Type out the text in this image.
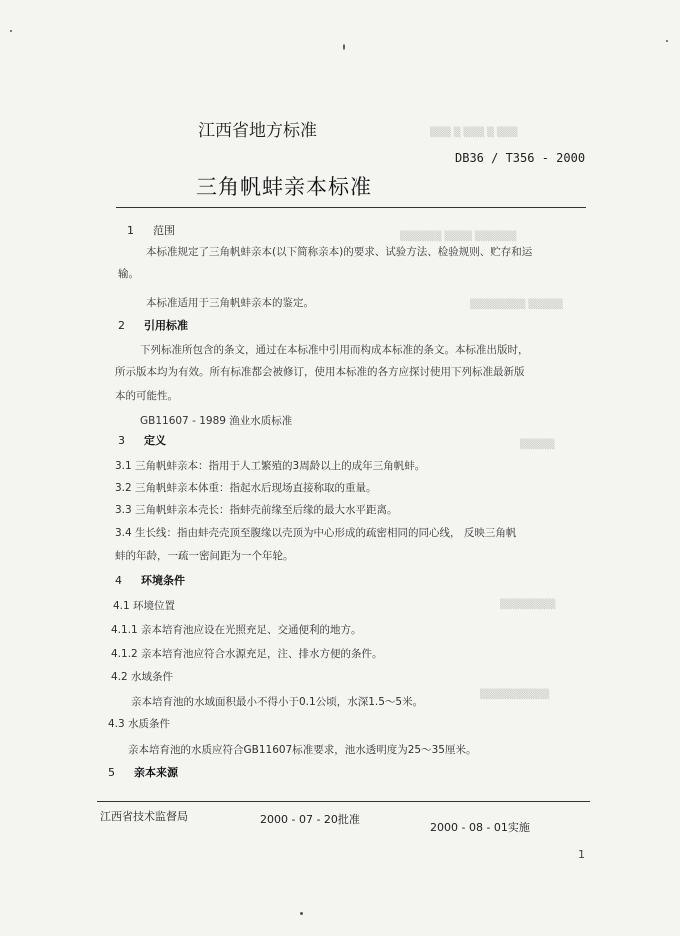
▒▒▒ ▒ ▒▒▒ ▒ ▒▒▒
▒▒▒▒▒▒ ▒▒▒▒ ▒▒▒▒▒▒
▒▒▒▒▒▒▒▒ ▒▒▒▒▒
▒▒▒▒▒
▒▒▒▒▒▒▒▒
▒▒▒▒▒▒▒▒▒▒
江西省地方标准
DB36 / T356 - 2000
三角帆蚌亲本标准
1 范围
本标准规定了三角帆蚌亲本(以下简称亲本)的要求、试验方法、检验规则、贮存和运
输。
本标准适用于三角帆蚌亲本的鉴定。
2 引用标准
下列标准所包含的条文，通过在本标准中引用而构成本标准的条文。本标准出版时，
所示版本均为有效。所有标准都会被修订，使用本标准的各方应探讨使用下列标准最新版
本的可能性。
GB11607 - 1989 渔业水质标准
3 定义
3.1 三角帆蚌亲本：指用于人工繁殖的3周龄以上的成年三角帆蚌。
3.2 三角帆蚌亲本体重：指起水后现场直接称取的重量。
3.3 三角帆蚌亲本壳长：指蚌壳前缘至后缘的最大水平距离。
3.4 生长线：指由蚌壳壳顶至腹缘以壳顶为中心形成的疏密相同的同心线， 反映三角帆
蚌的年龄，一疏一密间距为一个年轮。
4 环境条件
4.1 环境位置
4.1.1 亲本培育池应设在光照充足、交通便利的地方。
4.1.2 亲本培育池应符合水源充足，注、排水方便的条件。
4.2 水域条件
亲本培育池的水域面积最小不得小于0.1公顷，水深1.5～5米。
4.3 水质条件
亲本培育池的水质应符合GB11607标准要求，池水透明度为25～35厘米。
5 亲本来源
江西省技术监督局	2000 - 07 - 20批准
2000 - 08 - 01实施
1
